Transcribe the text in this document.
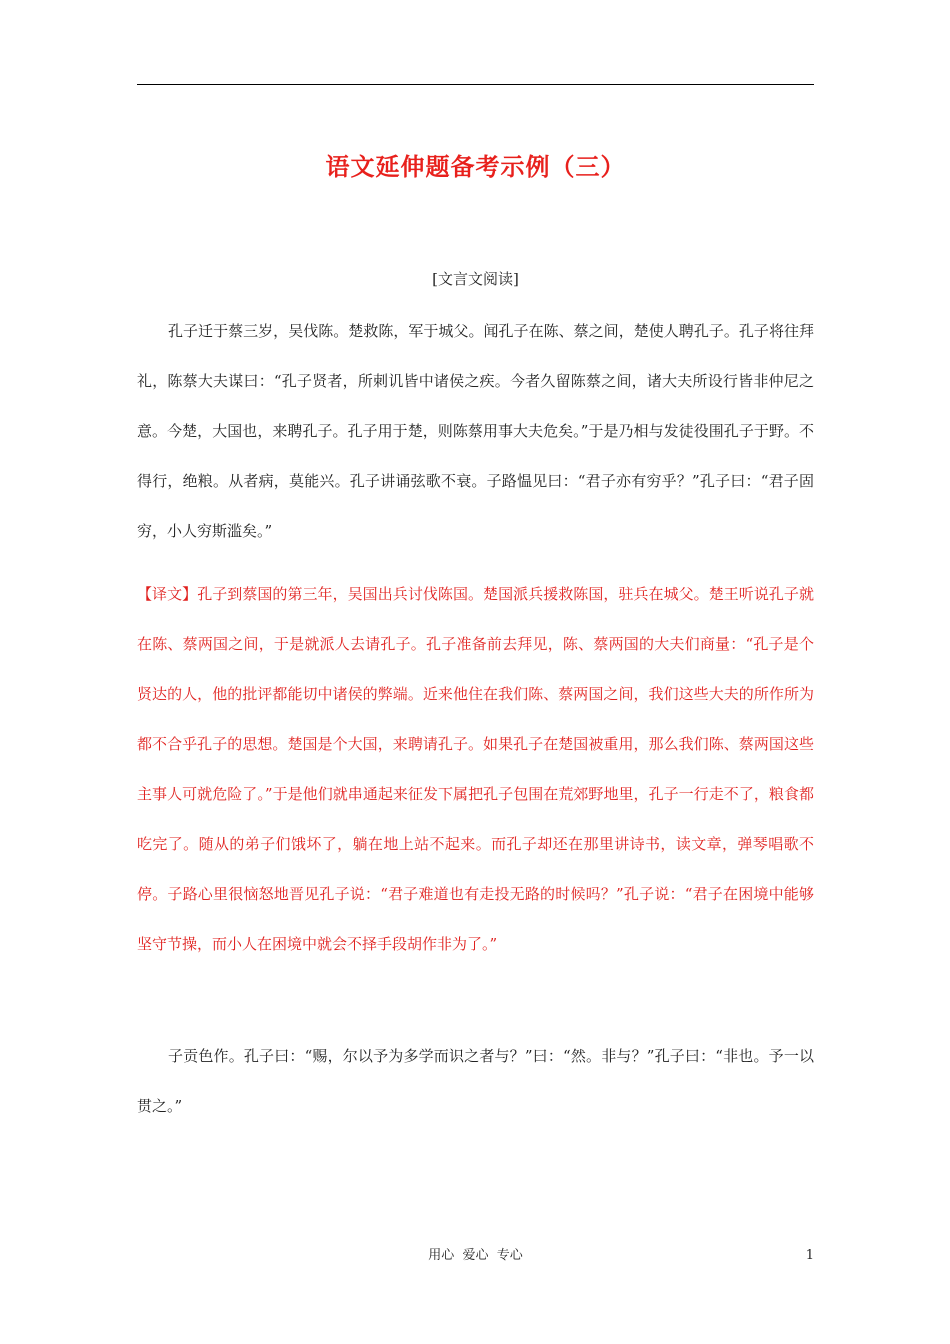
语文延伸题备考示例（三）
[文言文阅读]

孔子迁于蔡三岁，吴伐陈。楚救陈，军于城父。闻孔子在陈、蔡之间，楚使人聘孔子。孔子将往拜礼，陈蔡大夫谋曰：“孔子贤者，所刺讥皆中诸侯之疾。今者久留陈蔡之间，诸大夫所设行皆非仲尼之意。今楚，大国也，来聘孔子。孔子用于楚，则陈蔡用事大夫危矣。”于是乃相与发徒役围孔子于野。不得行，绝粮。从者病，莫能兴。孔子讲诵弦歌不衰。子路愠见曰：“君子亦有穷乎？”孔子曰：“君子固穷，小人穷斯滥矣。”

【译文】孔子到蔡国的第三年，吴国出兵讨伐陈国。楚国派兵援救陈国，驻兵在城父。楚王听说孔子就在陈、蔡两国之间，于是就派人去请孔子。孔子准备前去拜见，陈、蔡两国的大夫们商量：“孔子是个贤达的人，他的批评都能切中诸侯的弊端。近来他住在我们陈、蔡两国之间，我们这些大夫的所作所为都不合乎孔子的思想。楚国是个大国，来聘请孔子。如果孔子在楚国被重用，那么我们陈、蔡两国这些主事人可就危险了。”于是他们就串通起来征发下属把孔子包围在荒郊野地里，孔子一行走不了，粮食都吃完了。随从的弟子们饿坏了，躺在地上站不起来。而孔子却还在那里讲诗书，读文章，弹琴唱歌不停。子路心里很恼怒地晋见孔子说：“君子难道也有走投无路的时候吗？”孔子说：“君子在困境中能够坚守节操，而小人在困境中就会不择手段胡作非为了。”

子贡色作。孔子曰：“赐，尔以予为多学而识之者与？”曰：“然。非与？”孔子曰：“非也。予一以贯之。”

用心  爱心  专心	1
